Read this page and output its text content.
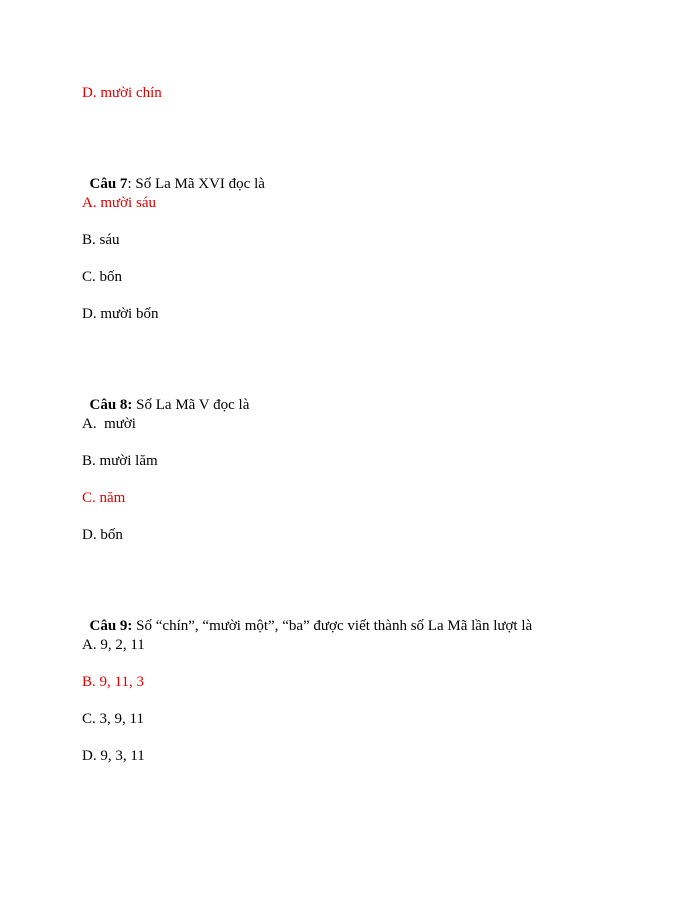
D. mười chín

Câu 7: Số La Mã XVI đọc là

A. mười sáu
B. sáu
C. bốn
D. mười bốn

Câu 8: Số La Mã V đọc là

A.  mười
B. mười lăm
C. năm
D. bốn

Câu 9: Số “chín”, “mười một”, “ba” được viết thành số La Mã lần lượt là

A. 9, 2, 11
B. 9, 11, 3
C. 3, 9, 11
D. 9, 3, 11
